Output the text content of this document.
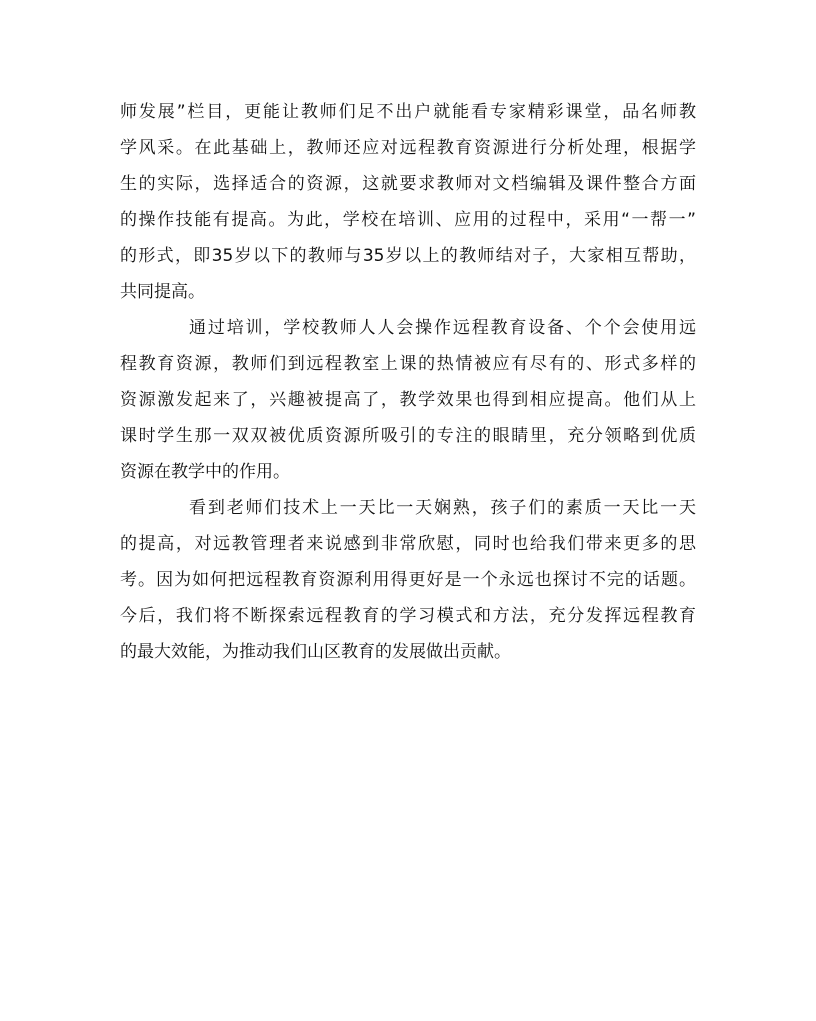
师发展”栏目，更能让教师们足不出户就能看专家精彩课堂，品名师教
学风采。在此基础上，教师还应对远程教育资源进行分析处理，根据学
生的实际，选择适合的资源，这就要求教师对文档编辑及课件整合方面
的操作技能有提高。为此，学校在培训、应用的过程中，采用“一帮一”
的形式，即35岁以下的教师与35岁以上的教师结对子，大家相互帮助，
共同提高。
通过培训，学校教师人人会操作远程教育设备、个个会使用远
程教育资源，教师们到远程教室上课的热情被应有尽有的、形式多样的
资源激发起来了，兴趣被提高了，教学效果也得到相应提高。他们从上
课时学生那一双双被优质资源所吸引的专注的眼睛里，充分领略到优质
资源在教学中的作用。
看到老师们技术上一天比一天娴熟，孩子们的素质一天比一天
的提高，对远教管理者来说感到非常欣慰，同时也给我们带来更多的思
考。因为如何把远程教育资源利用得更好是一个永远也探讨不完的话题。
今后，我们将不断探索远程教育的学习模式和方法，充分发挥远程教育
的最大效能，为推动我们山区教育的发展做出贡献。
